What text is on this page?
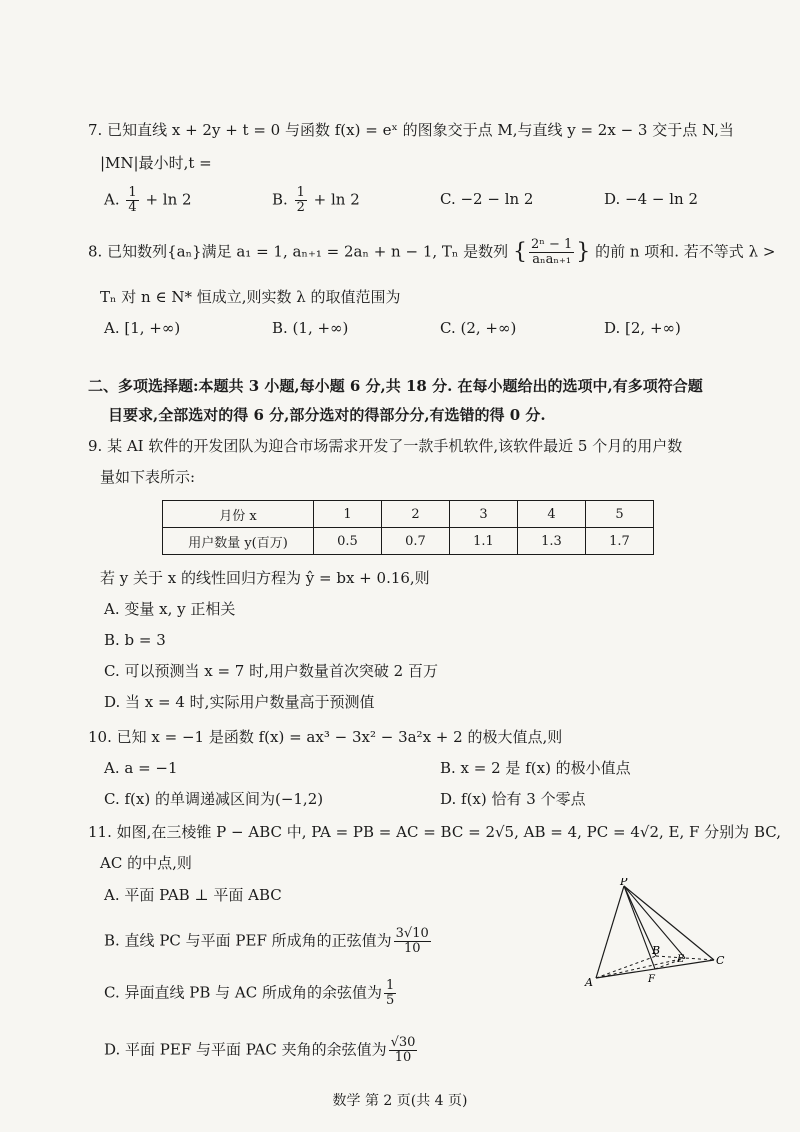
7. 已知直线 x + 2y + t = 0 与函数 f(x) = eˣ 的图象交于点 M,与直线 y = 2x − 3 交于点 N,当
|MN|最小时,t =
A. $\frac{1}{4} + \ln 2$	B. $\frac{1}{2} + \ln 2$	C. −2 − ln 2	D. −4 − ln 2
8. 已知数列{aₙ}满足 a₁ = 1, aₙ₊₁ = 2aₙ + n − 1, Tₙ 是数列 { $\frac{\text{2ⁿ − 1}}{\text{aₙaₙ₊₁}}$ } 的前 n 项和. 若不等式 λ >
Tₙ 对 n ∈ N* 恒成立,则实数 λ 的取值范围为
A. [1, +∞)	B. (1, +∞)	C. (2, +∞)	D. [2, +∞)
二、多项选择题:本题共 3 小题,每小题 6 分,共 18 分. 在每小题给出的选项中,有多项符合题
目要求,全部选对的得 6 分,部分选对的得部分分,有选错的得 0 分.
9. 某 AI 软件的开发团队为迎合市场需求开发了一款手机软件,该软件最近 5 个月的用户数
量如下表所示:
月份 x	1	2	3	4	5
用户数量 y(百万)	0.5	0.7	1.1	1.3	1.7
若 y 关于 x 的线性回归方程为 ŷ = bx + 0.16,则
A. 变量 x, y 正相关
B. b = 3
C. 可以预测当 x = 7 时,用户数量首次突破 2 百万
D. 当 x = 4 时,实际用户数量高于预测值
10. 已知 x = −1 是函数 f(x) = ax³ − 3x² − 3a²x + 2 的极大值点,则
A. a = −1	B. x = 2 是 f(x) 的极小值点
C. f(x) 的单调递减区间为(−1,2)	D. f(x) 恰有 3 个零点
11. 如图,在三棱锥 P − ABC 中, PA = PB = AC = BC = 2√5, AB = 4, PC = 4√2, E, F 分别为 BC,
AC 的中点,则
A. 平面 PAB ⊥ 平面 ABC
B. 直线 PC 与平面 PEF 所成角的正弦值为 $\frac{3√10}{10}$
C. 异面直线 PB 与 AC 所成角的余弦值为 $\frac{1}{5}$
D. 平面 PEF 与平面 PAC 夹角的余弦值为 $\frac{√30}{10}$
P
A
B
C
E
F
数学 第 2 页(共 4 页)
